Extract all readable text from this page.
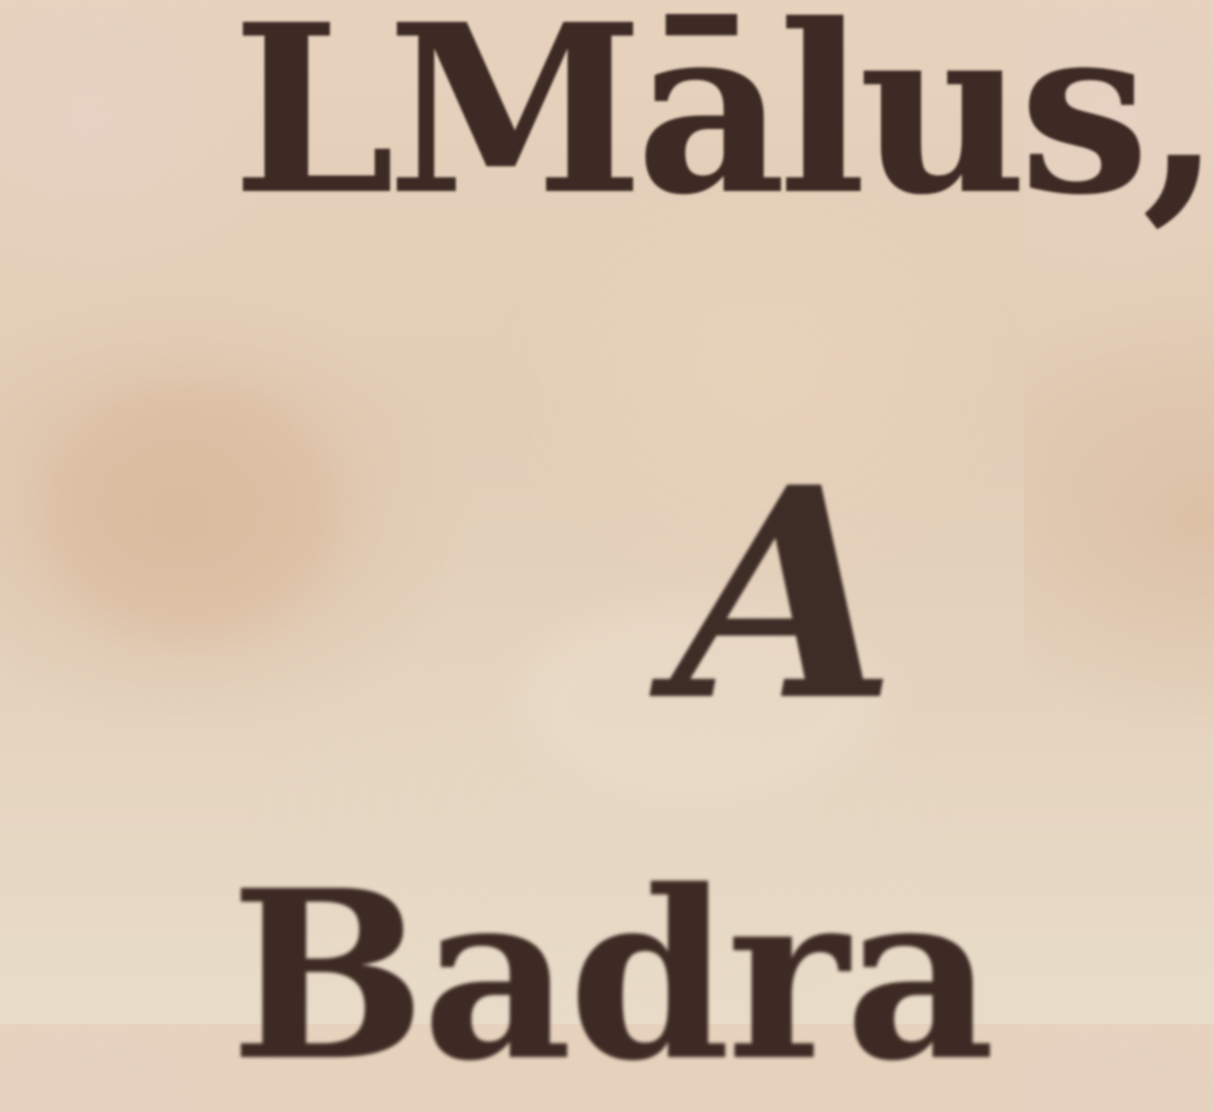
LMālus,
A
Badra
